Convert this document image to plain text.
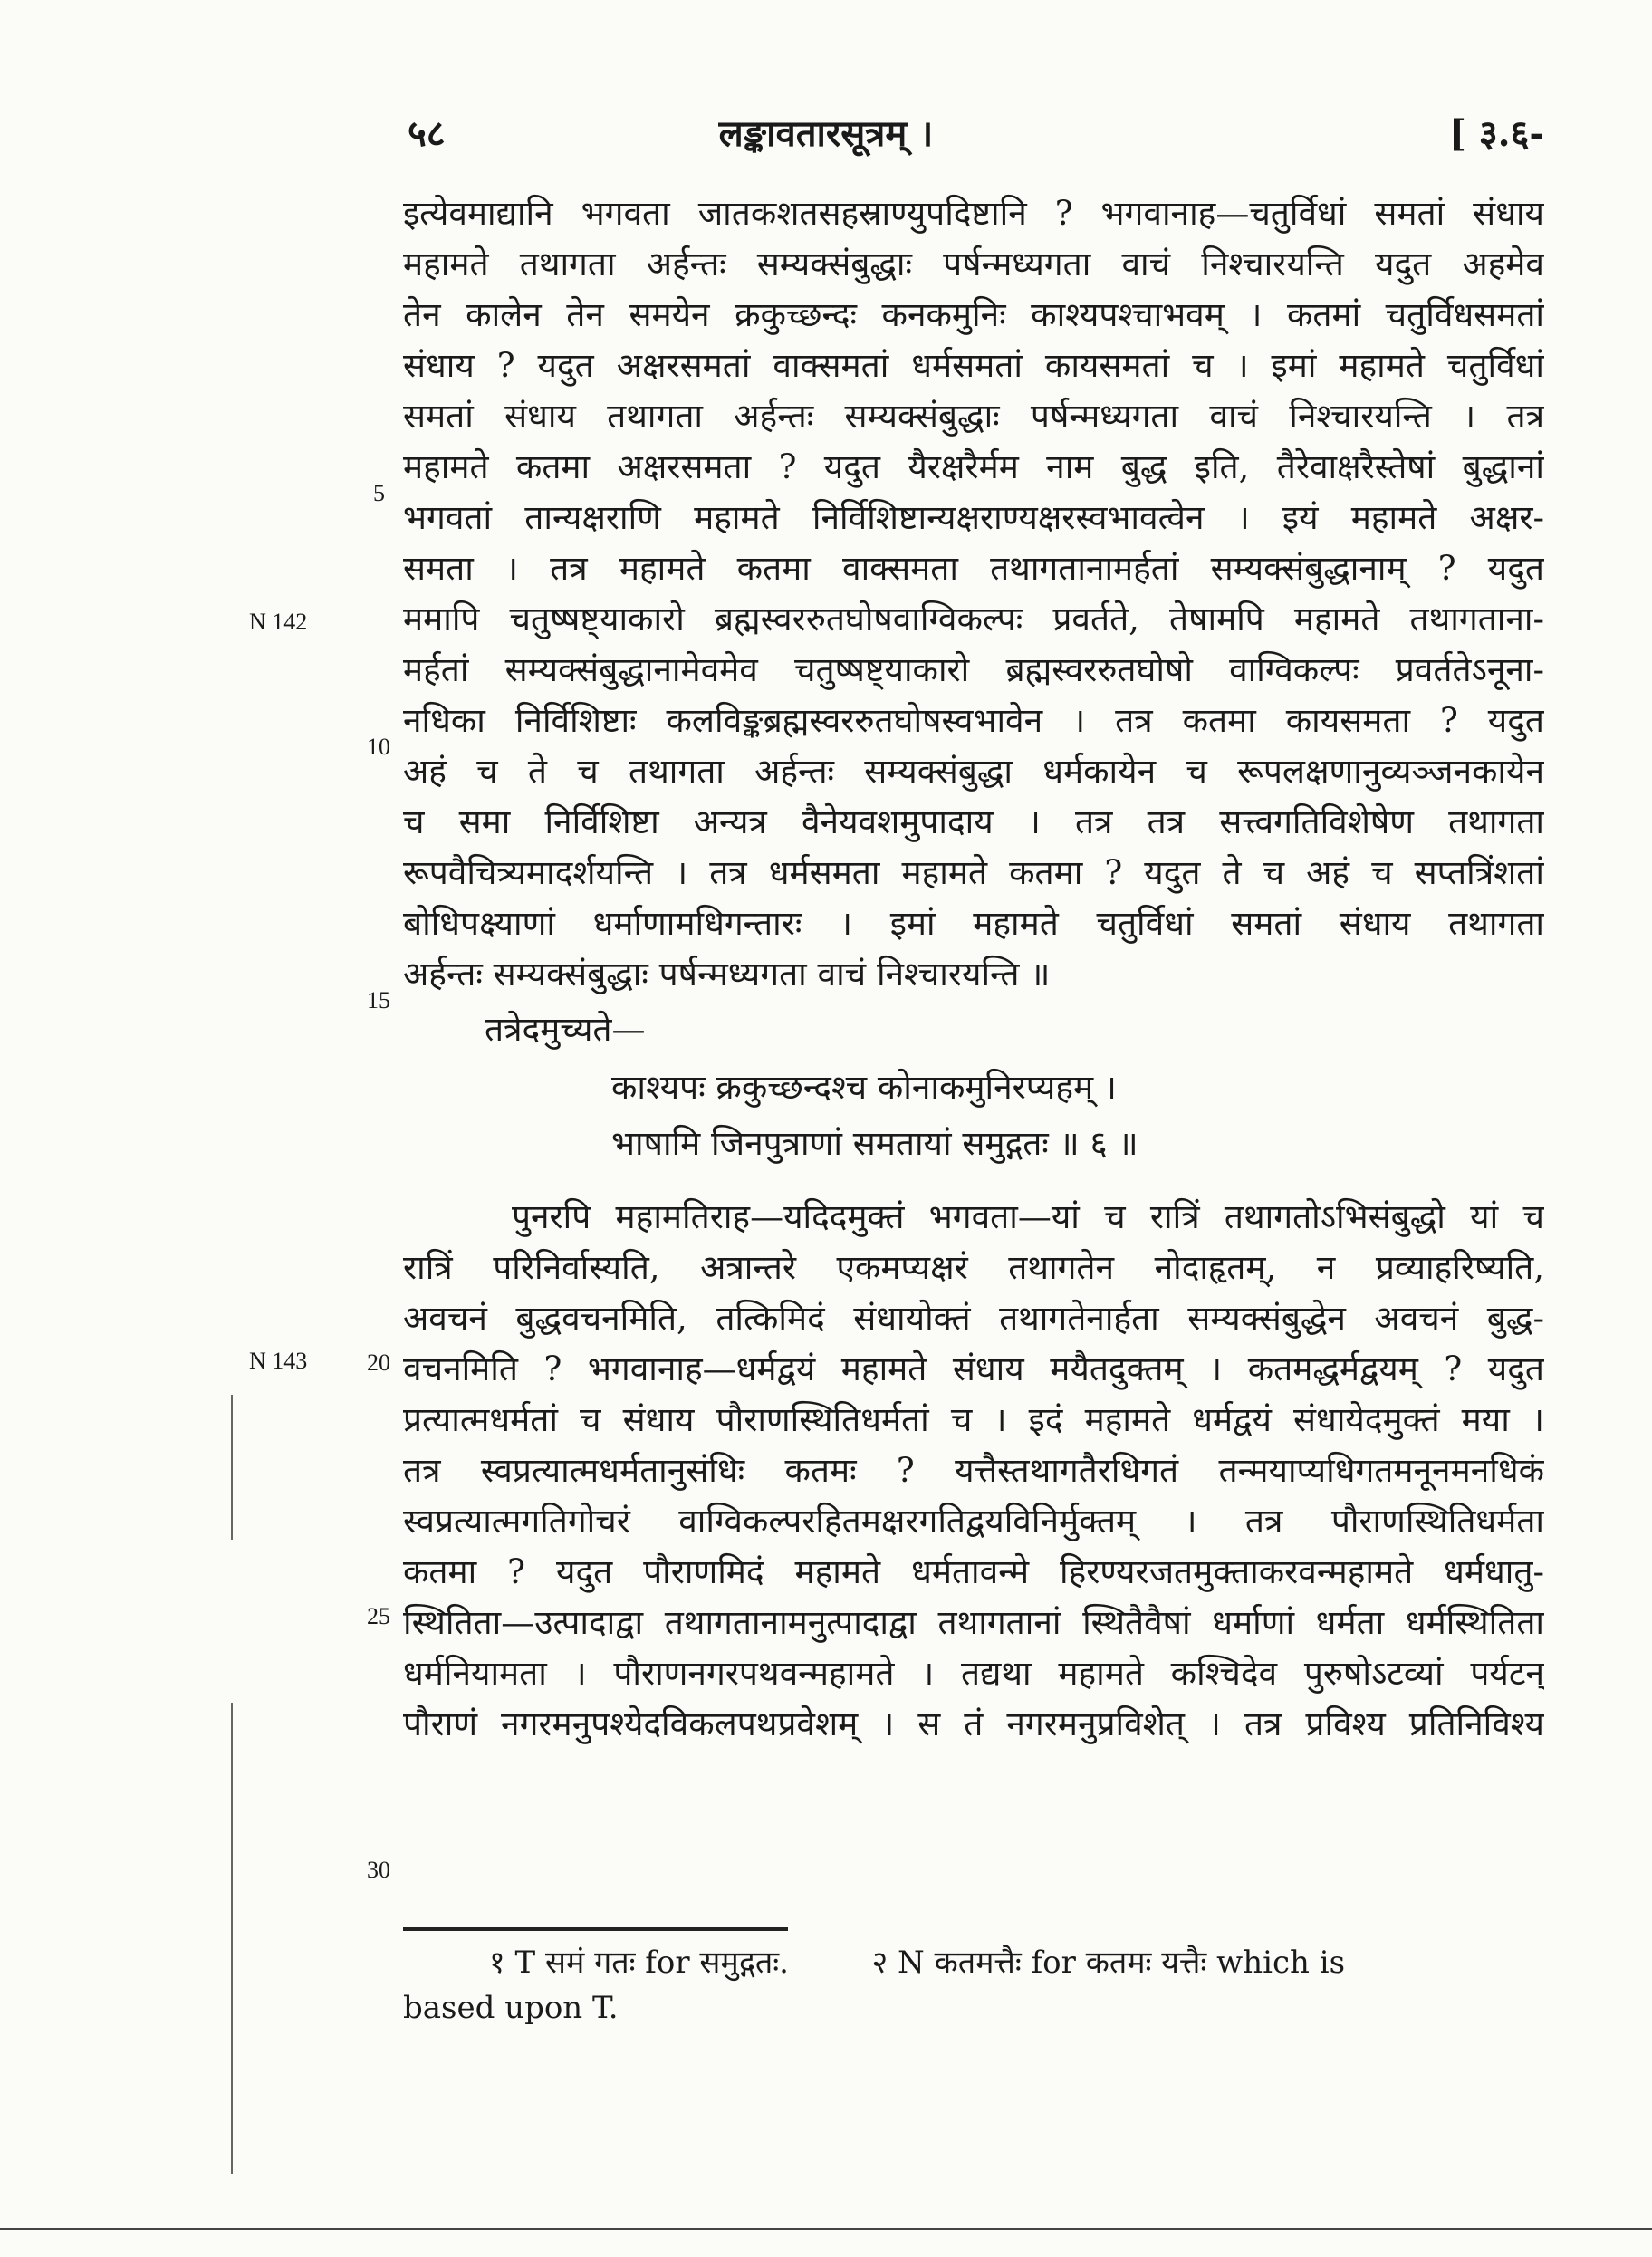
५८	लङ्कावतारसूत्रम् ।	[ ३.६-
इत्येवमाद्यानि भगवता जातकशतसहस्राण्युपदिष्टानि ? भगवानाह—चतुर्विधां समतां संधाय
महामते तथागता अर्हन्तः सम्यक्संबुद्धाः पर्षन्मध्यगता वाचं निश्चारयन्ति यदुत अहमेव
तेन कालेन तेन समयेन क्रकुच्छन्दः कनकमुनिः काश्यपश्चाभवम् । कतमां चतुर्विधसमतां
संधाय ? यदुत अक्षरसमतां वाक्समतां धर्मसमतां कायसमतां च । इमां महामते चतुर्विधां
समतां संधाय तथागता अर्हन्तः सम्यक्संबुद्धाः पर्षन्मध्यगता वाचं निश्चारयन्ति । तत्र
महामते कतमा अक्षरसमता ? यदुत यैरक्षरैर्मम नाम बुद्ध इति, तैरेवाक्षरैस्तेषां बुद्धानां
भगवतां तान्यक्षराणि महामते निर्विशिष्टान्यक्षराण्यक्षरस्वभावत्वेन । इयं महामते अक्षर-
समता । तत्र महामते कतमा वाक्समता तथागतानामर्हतां सम्यक्संबुद्धानाम् ? यदुत
ममापि चतुष्षष्ट्याकारो ब्रह्मस्वररुतघोषवाग्विकल्पः प्रवर्तते, तेषामपि महामते तथागताना-
मर्हतां सम्यक्संबुद्धानामेवमेव चतुष्षष्ट्याकारो ब्रह्मस्वररुतघोषो वाग्विकल्पः प्रवर्ततेऽनूना-
नधिका निर्विशिष्टाः कलविङ्कब्रह्मस्वररुतघोषस्वभावेन । तत्र कतमा कायसमता ? यदुत
अहं च ते च तथागता अर्हन्तः सम्यक्संबुद्धा धर्मकायेन च रूपलक्षणानुव्यञ्जनकायेन
च समा निर्विशिष्टा अन्यत्र वैनेयवशमुपादाय । तत्र तत्र सत्त्वगतिविशेषेण तथागता
रूपवैचित्र्यमादर्शयन्ति । तत्र धर्मसमता महामते कतमा ? यदुत ते च अहं च सप्तत्रिंशतां
बोधिपक्ष्याणां धर्माणामधिगन्तारः । इमां महामते चतुर्विधां समतां संधाय तथागता
अर्हन्तः सम्यक्संबुद्धाः पर्षन्मध्यगता वाचं निश्चारयन्ति ॥
तत्रेदमुच्यते—
काश्यपः क्रकुच्छन्दश्च कोनाकमुनिरप्यहम् ।
भाषामि जिनपुत्राणां समतायां समुद्गतः ॥ ६ ॥
पुनरपि महामतिराह—यदिदमुक्तं भगवता—यां च रात्रिं तथागतोऽभिसंबुद्धो यां च
रात्रिं परिनिर्वास्यति, अत्रान्तरे एकमप्यक्षरं तथागतेन नोदाहृतम्, न प्रव्याहरिष्यति,
अवचनं बुद्धवचनमिति, तत्किमिदं संधायोक्तं तथागतेनार्हता सम्यक्संबुद्धेन अवचनं बुद्ध-
वचनमिति ? भगवानाह—धर्मद्वयं महामते संधाय मयैतदुक्तम् । कतमद्धर्मद्वयम् ? यदुत
प्रत्यात्मधर्मतां च संधाय पौराणस्थितिधर्मतां च । इदं महामते धर्मद्वयं संधायेदमुक्तं मया ।
तत्र स्वप्रत्यात्मधर्मतानुसंधिः कतमः ? यत्तैस्तथागतैरधिगतं तन्मयाप्यधिगतमनूनमनधिकं
स्वप्रत्यात्मगतिगोचरं वाग्विकल्परहितमक्षरगतिद्वयविनिर्मुक्तम् । तत्र पौराणस्थितिधर्मता
कतमा ? यदुत पौराणमिदं महामते धर्मतावन्मे हिरण्यरजतमुक्ताकरवन्महामते धर्मधातु-
स्थितिता—उत्पादाद्वा तथागतानामनुत्पादाद्वा तथागतानां स्थितैवैषां धर्माणां धर्मता धर्मस्थितिता
धर्मनियामता । पौराणनगरपथवन्महामते । तद्यथा महामते कश्चिदेव पुरुषोऽटव्यां पर्यटन्
पौराणं नगरमनुपश्येदविकलपथप्रवेशम् । स तं नगरमनुप्रविशेत् । तत्र प्रविश्य प्रतिनिविश्य
5
10
15
20
25
30
N 142
N 143
१ T समं गतः for समुद्गतः.	२ N कतमत्तैः for कतमः यत्तैः which is
based upon T.
